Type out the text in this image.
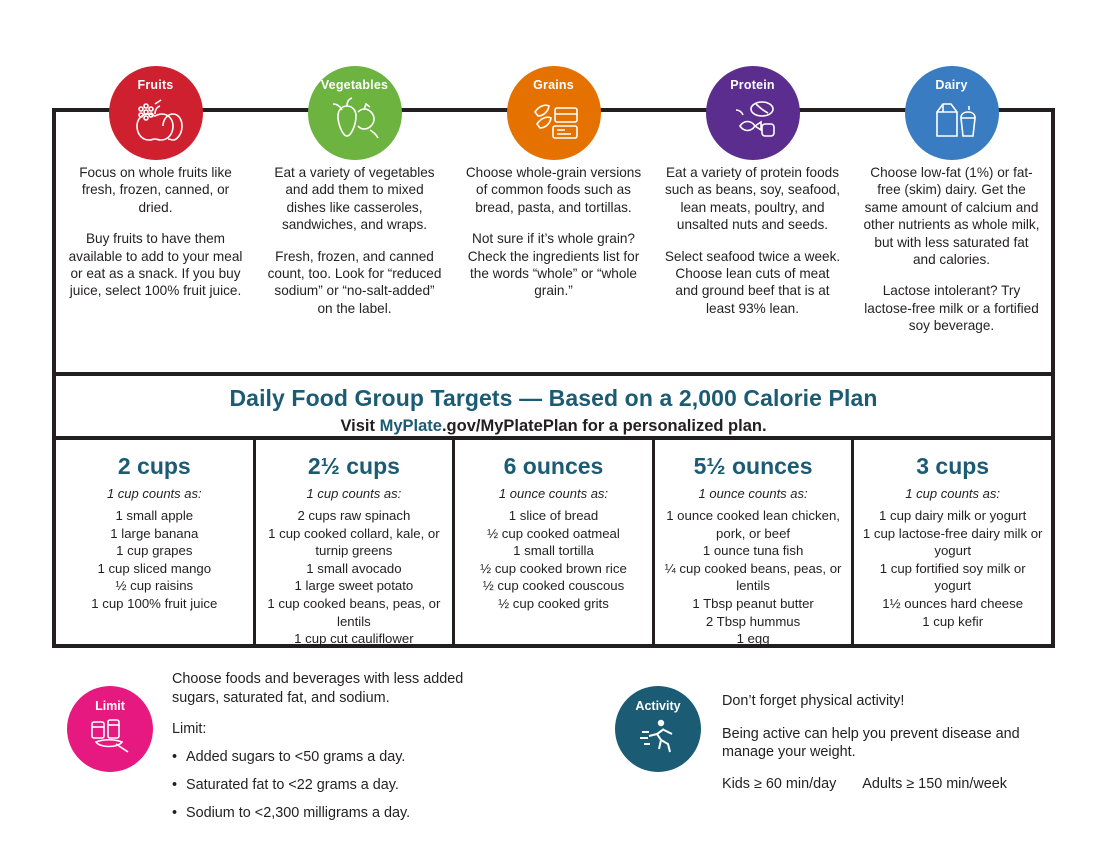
Fruits

Focus on whole fruits like fresh, frozen, canned, or dried.

Buy fruits to have them available to add to your meal or eat as a snack. If you buy juice, select 100% fruit juice.

Vegetables

Eat a variety of vegetables and add them to mixed dishes like casseroles, sandwiches, and wraps.

Fresh, frozen, and canned count, too. Look for “reduced sodium” or “no-salt-added” on the label.

Grains

Choose whole-grain versions of common foods such as bread, pasta, and tortillas.

Not sure if it’s whole grain? Check the ingredients list for the words “whole” or “whole grain.”

Protein

Eat a variety of protein foods such as beans, soy, seafood, lean meats, poultry, and unsalted nuts and seeds.

Select seafood twice a week. Choose lean cuts of meat and ground beef that is at least 93% lean.

Dairy

Choose low-fat (1%) or fat-free (skim) dairy. Get the same amount of calcium and other nutrients as whole milk, but with less saturated fat and calories.

Lactose intolerant? Try lactose-free milk or a fortified soy beverage.

Daily Food Group Targets — Based on a 2,000 Calorie Plan
Visit MyPlate.gov/MyPlatePlan for a personalized plan.
2 cups
1 cup counts as:
1 small apple
1 large banana
1 cup grapes
1 cup sliced mango
½ cup raisins
1 cup 100% fruit juice
2½ cups
1 cup counts as:
2 cups raw spinach
1 cup cooked collard, kale, or turnip greens
1 small avocado
1 large sweet potato
1 cup cooked beans, peas, or lentils
1 cup cut cauliflower
6 ounces
1 ounce counts as:
1 slice of bread
½ cup cooked oatmeal
1 small tortilla
½ cup cooked brown rice
½ cup cooked couscous
½ cup cooked grits
5½ ounces
1 ounce counts as:
1 ounce cooked lean chicken, pork, or beef
1 ounce tuna fish
¼ cup cooked beans, peas, or lentils
1 Tbsp peanut butter
2 Tbsp hummus
1 egg
3 cups
1 cup counts as:
1 cup dairy milk or yogurt
1 cup lactose-free dairy milk or yogurt
1 cup fortified soy milk or yogurt
1½ ounces hard cheese
1 cup kefir
Limit

Choose foods and beverages with less added sugars, saturated fat, and sodium.

Limit:

• Added sugars to <50 grams a day.
• Saturated fat to <22 grams a day.
• Sodium to <2,300 milligrams a day.
Activity	Don’t forget physical activity!

Being active can help you prevent disease and manage your weight.

Kids ≥ 60 min/day Adults ≥ 150 min/week
